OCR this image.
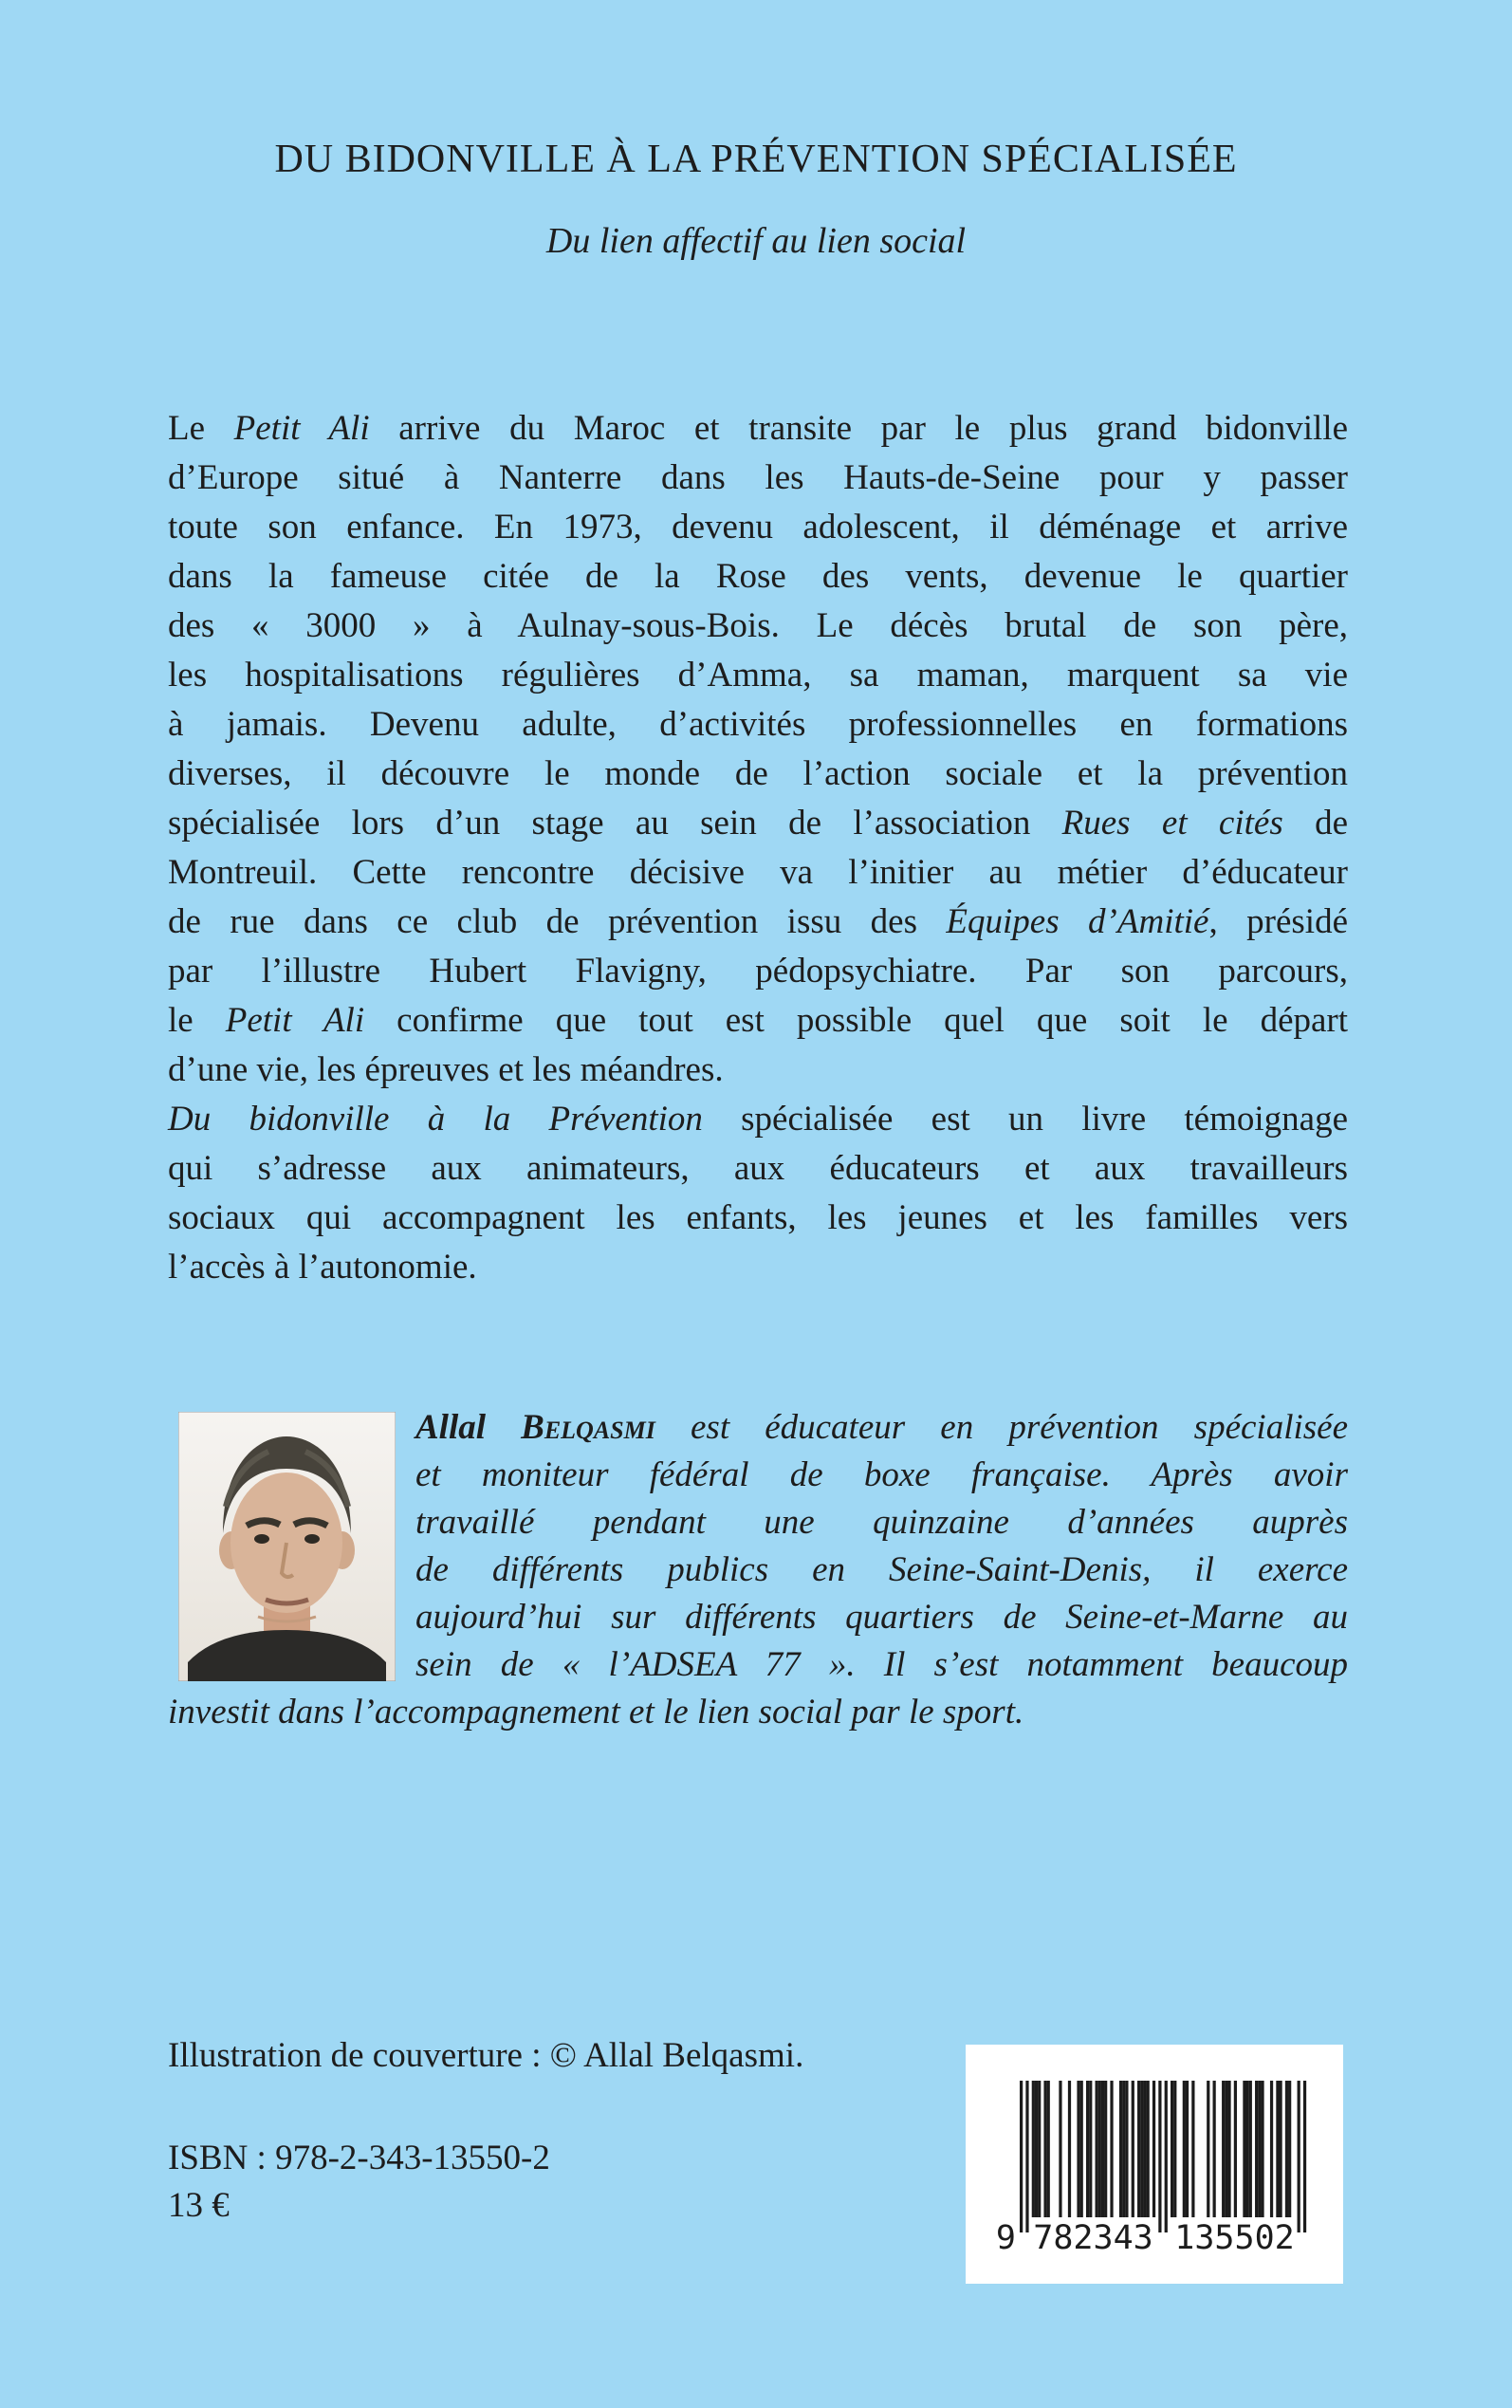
DU BIDONVILLE À LA PRÉVENTION SPÉCIALISÉE
Du lien affectif au lien social
Le Petit Ali arrive du Maroc et transite par le plus grand bidonville
d’Europe situé à Nanterre dans les Hauts-de-Seine pour y passer
toute son enfance. En 1973, devenu adolescent, il déménage et arrive
dans la fameuse citée de la Rose des vents, devenue le quartier
des « 3000 » à Aulnay-sous-Bois. Le décès brutal de son père,
les hospitalisations régulières d’Amma, sa maman, marquent sa vie
à jamais. Devenu adulte, d’activités professionnelles en formations
diverses, il découvre le monde de l’action sociale et la prévention
spécialisée lors d’un stage au sein de l’association Rues et cités de
Montreuil. Cette rencontre décisive va l’initier au métier d’éducateur
de rue dans ce club de prévention issu des Équipes d’Amitié, présidé
par l’illustre Hubert Flavigny, pédopsychiatre. Par son parcours,
le Petit Ali confirme que tout est possible quel que soit le départ
d’une vie, les épreuves et les méandres.
Du bidonville à la Prévention spécialisée est un livre témoignage
qui s’adresse aux animateurs, aux éducateurs et aux travailleurs
sociaux qui accompagnent les enfants, les jeunes et les familles vers
l’accès à l’autonomie.
Allal Belqasmi est éducateur en prévention spécialisée
et moniteur fédéral de boxe française. Après avoir
travaillé pendant une quinzaine d’années auprès
de différents publics en Seine-Saint-Denis, il exerce
aujourd’hui sur différents quartiers de Seine-et-Marne au
sein de « l’ADSEA 77 ». Il s’est notamment beaucoup
investit dans l’accompagnement et le lien social par le sport.
Illustration de couverture : © Allal Belqasmi.
ISBN : 978-2-343-13550-2
13 €
9 782343 135502
